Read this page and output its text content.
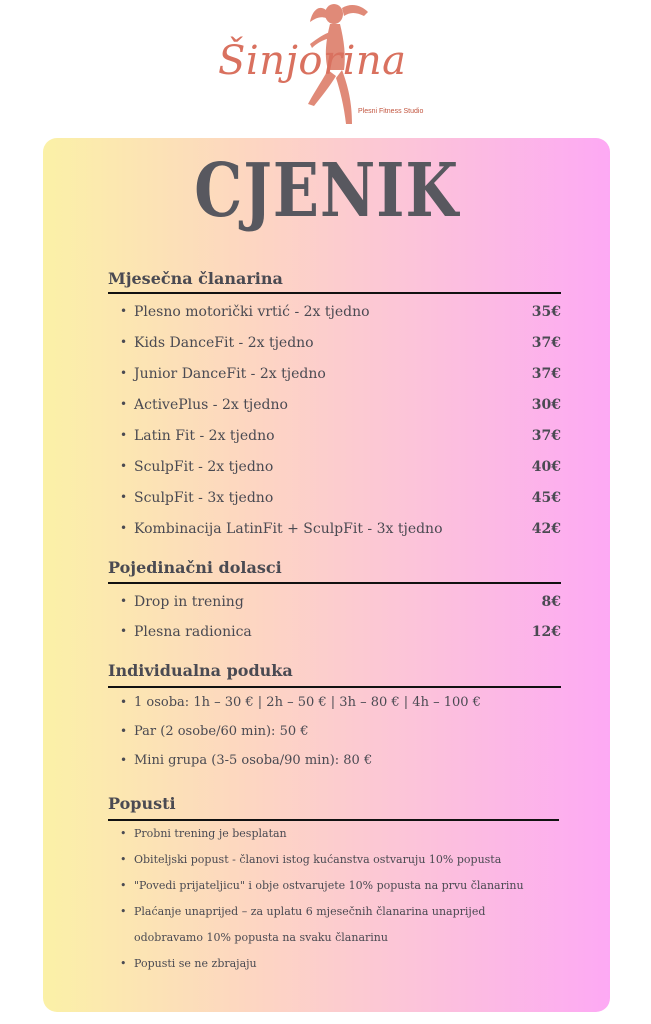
Šinjorina
Plesni Fitness Studio
CJENIK
Mjesečna članarina
• Plesno motorički vrtić - 2x tjedno	35€
• Kids DanceFit - 2x tjedno	37€
• Junior DanceFit - 2x tjedno	37€
• ActivePlus - 2x tjedno	30€
• Latin Fit - 2x tjedno	37€
• SculpFit - 2x tjedno	40€
• SculpFit - 3x tjedno	45€
• Kombinacija LatinFit + SculpFit - 3x tjedno	42€
Pojedinačni dolasci
• Drop in trening	8€
• Plesna radionica	12€
Individualna poduka
• 1 osoba: 1h – 30 € | 2h – 50 € | 3h – 80 € | 4h – 100 €
• Par (2 osobe/60 min): 50 €
• Mini grupa (3-5 osoba/90 min): 80 €
Popusti
• Probni trening je besplatan
• Obiteljski popust - članovi istog kućanstva ostvaruju 10% popusta
• "Povedi prijateljicu" i obje ostvarujete 10% popusta na prvu članarinu
• Plaćanje unaprijed – za uplatu 6 mjesečnih članarina unaprijed
odobravamo 10% popusta na svaku članarinu
• Popusti se ne zbrajaju
